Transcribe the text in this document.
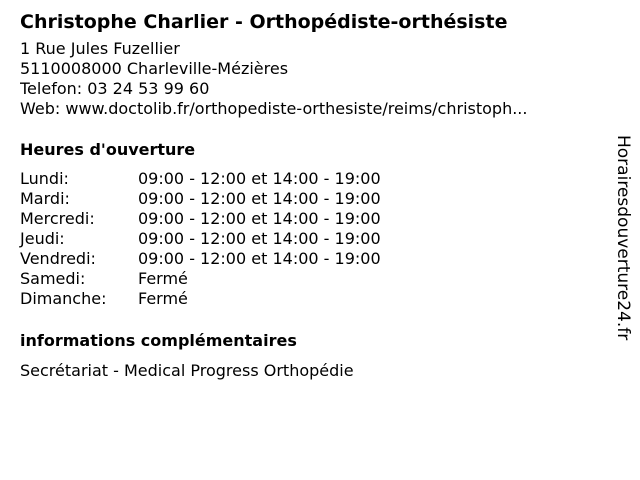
Christophe Charlier - Orthopédiste-orthésiste
1 Rue Jules Fuzellier
5110008000 Charleville-Mézières
Telefon: 03 24 53 99 60
Web: www.doctolib.fr/orthopediste-orthesiste/reims/christoph...
Heures d'ouverture
Lundi:	09:00 - 12:00 et 14:00 - 19:00
Mardi:	09:00 - 12:00 et 14:00 - 19:00
Mercredi:	09:00 - 12:00 et 14:00 - 19:00
Jeudi:	09:00 - 12:00 et 14:00 - 19:00
Vendredi:	09:00 - 12:00 et 14:00 - 19:00
Samedi:	Fermé
Dimanche:	Fermé
informations complémentaires
Secrétariat - Medical Progress Orthopédie
Horairesdouverture24.fr
